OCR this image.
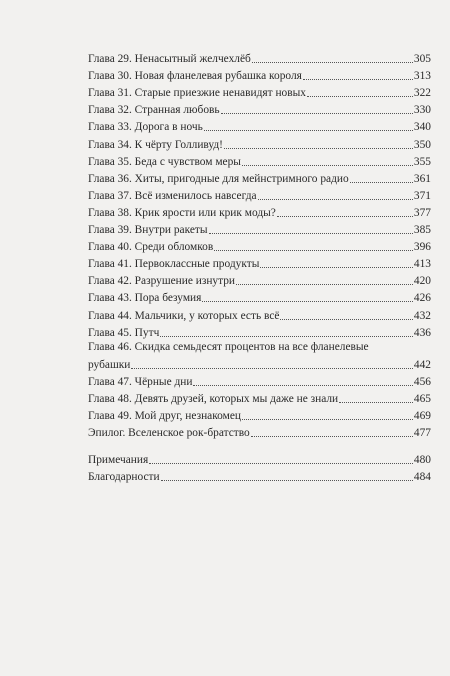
Глава 29. Ненасытный желчехлёб	305
Глава 30. Новая фланелевая рубашка короля	313
Глава 31. Старые приезжие ненавидят новых	322
Глава 32. Странная любовь	330
Глава 33. Дорога в ночь	340
Глава 34. К чёрту Голливуд!	350
Глава 35. Беда с чувством меры	355
Глава 36. Хиты, пригодные для мейнстримного радио	361
Глава 37. Всё изменилось навсегда	371
Глава 38. Крик ярости или крик моды?	377
Глава 39. Внутри ракеты	385
Глава 40. Среди обломков	396
Глава 41. Первоклассные продукты	413
Глава 42. Разрушение изнутри	420
Глава 43. Пора безумия	426
Глава 44. Мальчики, у которых есть всё	432
Глава 45. Путч	436
Глава 46. Скидка семьдесят процентов на все фланелевые
рубашки	442
Глава 47. Чёрные дни	456
Глава 48. Девять друзей, которых мы даже не знали	465
Глава 49. Мой друг, незнакомец	469
Эпилог. Вселенское рок-братство	477
Примечания	480
Благодарности	484
